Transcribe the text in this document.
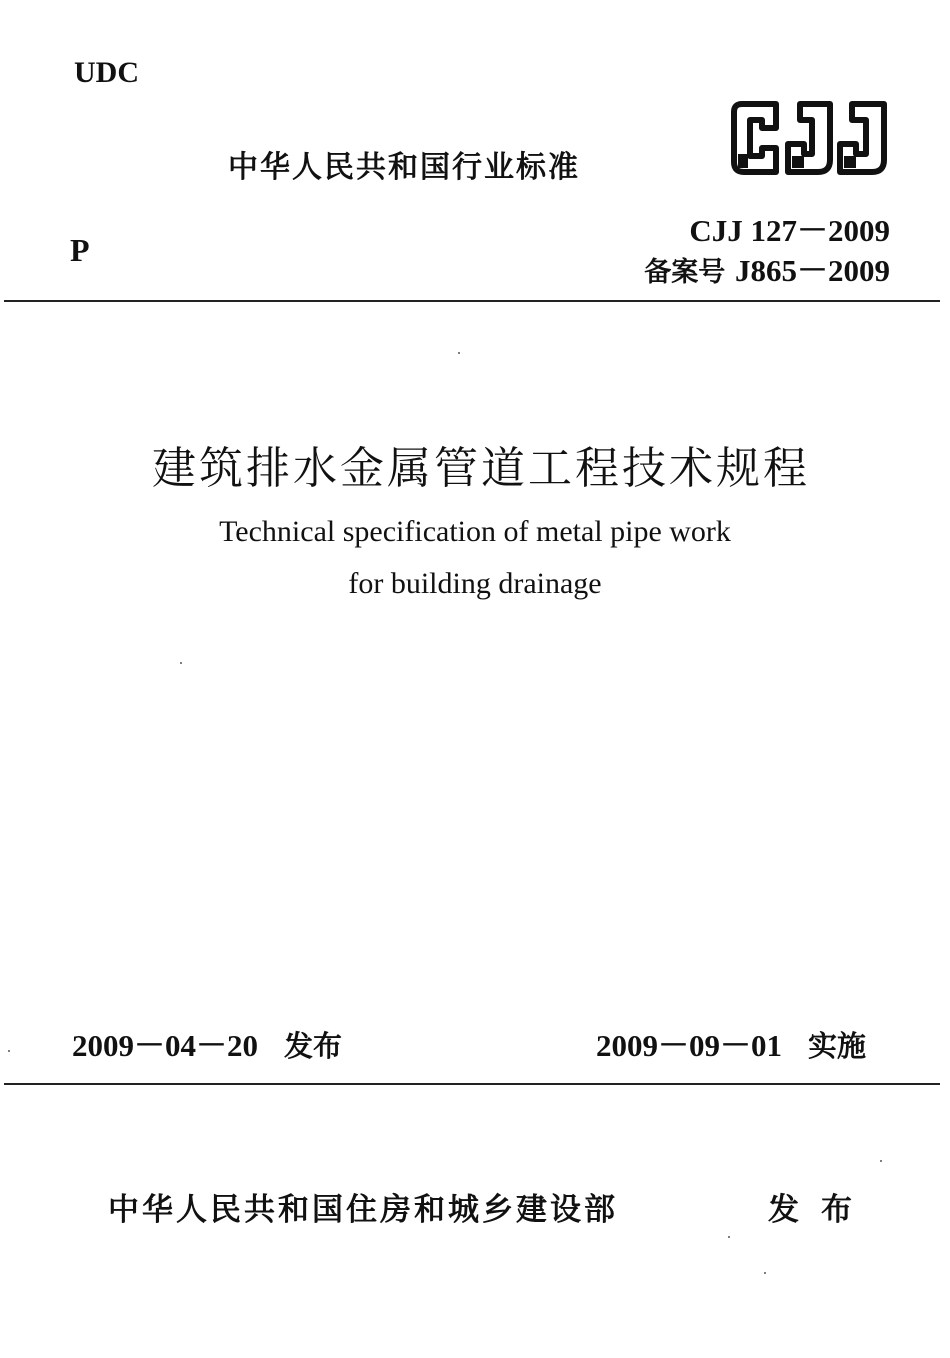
UDC
中华人民共和国行业标准
CJJ 127－2009
备案号 J865－2009
P
建筑排水金属管道工程技术规程
Technical specification of metal pipe work
for building drainage
2009－04－20 发布	2009－09－01 实施
中华人民共和国住房和城乡建设部	发布
